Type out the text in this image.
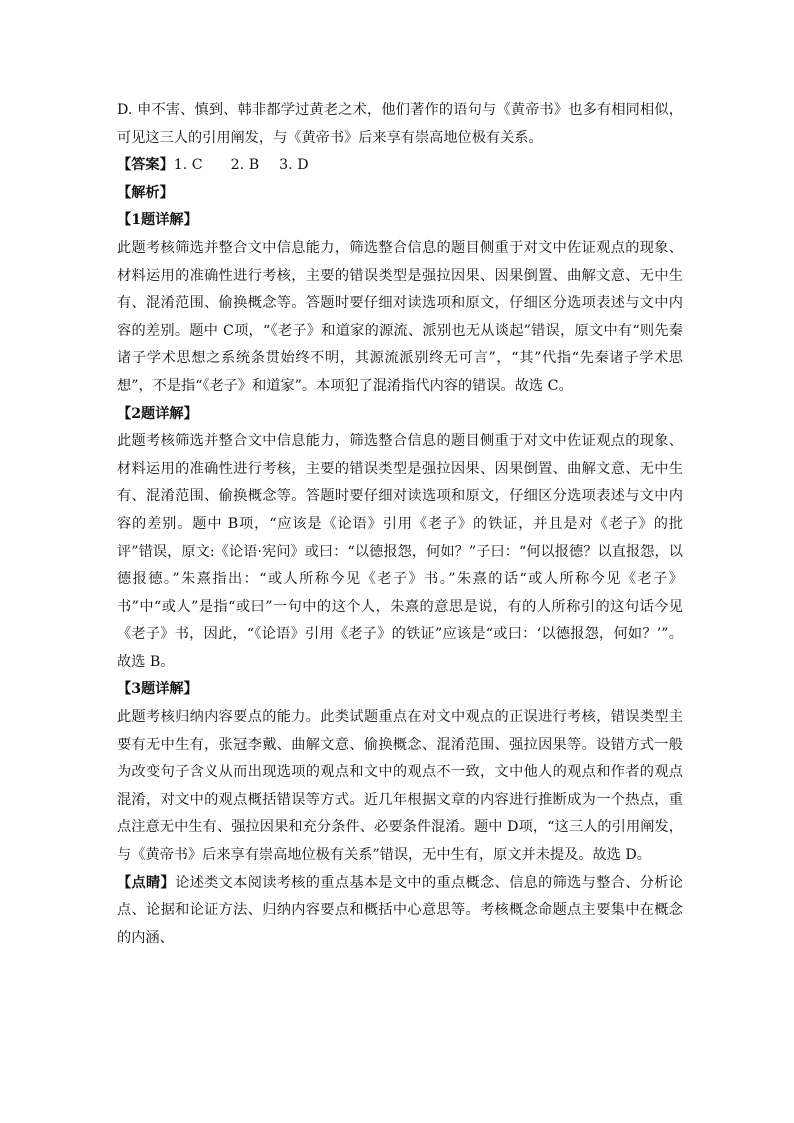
D. 申不害、慎到、韩非都学过黄老之术，他们著作的语句与《黄帝书》也多有相同相似，可见这三人的引用阐发，与《黄帝书》后来享有崇高地位极有关系。

【答案】1. C 2. B 3. D

【解析】

【1题详解】

此题考核筛选并整合文中信息能力，筛选整合信息的题目侧重于对文中佐证观点的现象、材料运用的准确性进行考核，主要的错误类型是强拉因果、因果倒置、曲解文意、无中生有、混淆范围、偷换概念等。答题时要仔细对读选项和原文，仔细区分选项表述与文中内容的差别。题中 C项，“《老子》和道家的源流、派别也无从谈起”错误，原文中有“则先秦诸子学术思想之系统条贯始终不明，其源流派别终无可言”，“其”代指“先秦诸子学术思想”，不是指“《老子》和道家”。本项犯了混淆指代内容的错误。故选 C。

【2题详解】

此题考核筛选并整合文中信息能力，筛选整合信息的题目侧重于对文中佐证观点的现象、材料运用的准确性进行考核，主要的错误类型是强拉因果、因果倒置、曲解文意、无中生有、混淆范围、偷换概念等。答题时要仔细对读选项和原文，仔细区分选项表述与文中内容的差别。题中 B项，“应该是《论语》引用《老子》的铁证，并且是对《老子》的批评”错误，原文:《论语·宪问》或曰：“以德报怨，何如？”子曰：“何以报德？以直报怨，以德报德。”朱熹指出：“或人所称今见《老子》书。”朱熹的话“或人所称今见《老子》书”中“或人”是指“或曰”一句中的这个人，朱熹的意思是说，有的人所称引的这句话今见《老子》书，因此，“《论语》引用《老子》的铁证”应该是“或曰：‘以德报怨，何如？’”。故选 B。

【3题详解】

此题考核归纳内容要点的能力。此类试题重点在对文中观点的正误进行考核，错误类型主要有无中生有，张冠李戴、曲解文意、偷换概念、混淆范围、强拉因果等。设错方式一般为改变句子含义从而出现选项的观点和文中的观点不一致，文中他人的观点和作者的观点混淆，对文中的观点概括错误等方式。近几年根据文章的内容进行推断成为一个热点，重点注意无中生有、强拉因果和充分条件、必要条件混淆。题中 D项，“这三人的引用阐发，与《黄帝书》后来享有崇高地位极有关系”错误，无中生有，原文并未提及。故选 D。

【点睛】论述类文本阅读考核的重点基本是文中的重点概念、信息的筛选与整合、分析论点、论据和论证方法、归纳内容要点和概括中心意思等。考核概念命题点主要集中在概念的内涵、
